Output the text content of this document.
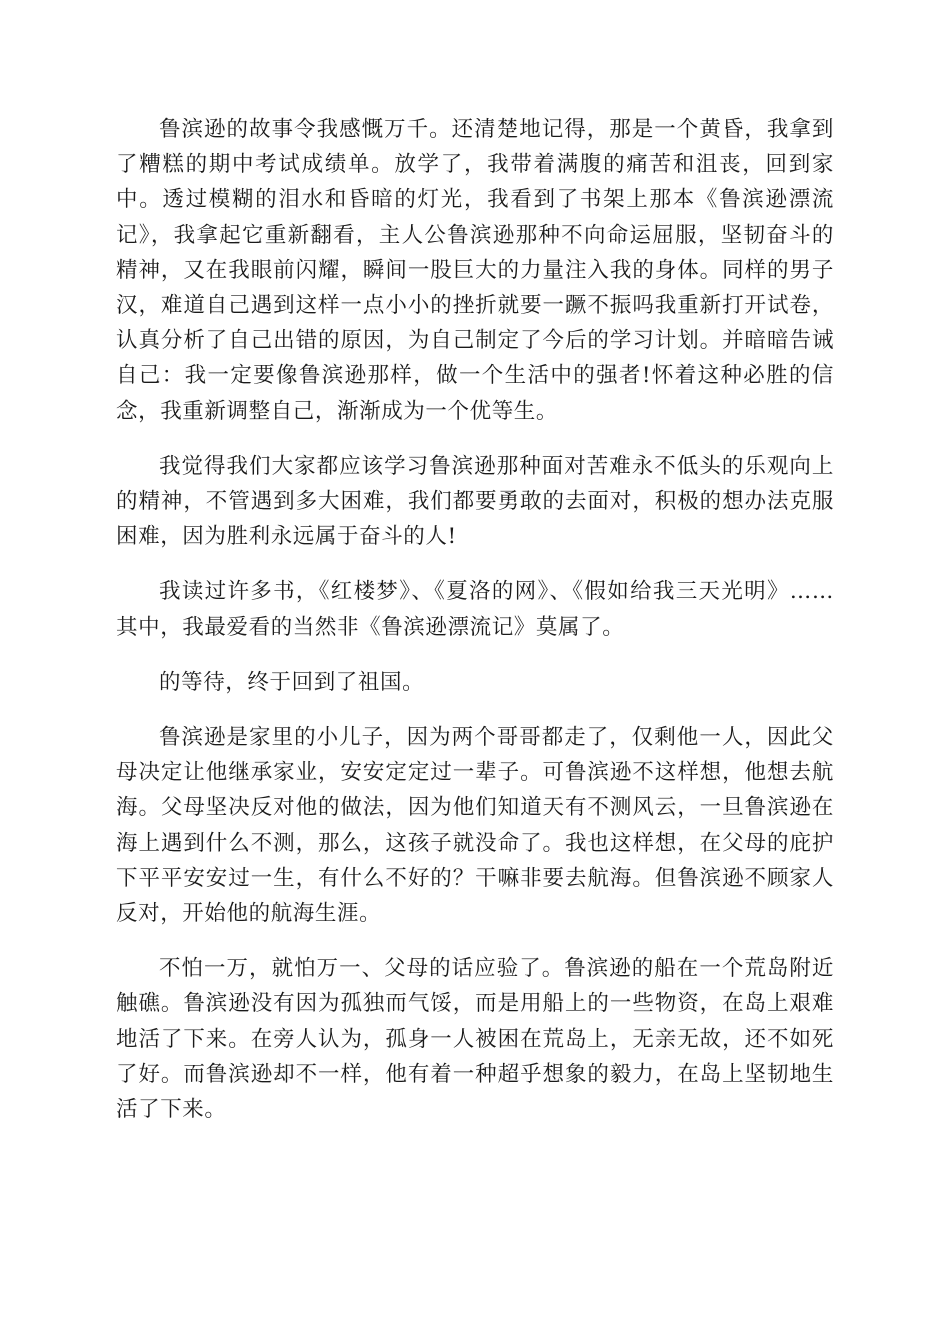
鲁滨逊的故事令我感慨万千。还清楚地记得，那是一个黄昏，我拿到了糟糕的期中考试成绩单。放学了，我带着满腹的痛苦和沮丧，回到家中。透过模糊的泪水和昏暗的灯光，我看到了书架上那本《鲁滨逊漂流记》，我拿起它重新翻看，主人公鲁滨逊那种不向命运屈服，坚韧奋斗的精神，又在我眼前闪耀，瞬间一股巨大的力量注入我的身体。同样的男子汉，难道自己遇到这样一点小小的挫折就要一蹶不振吗我重新打开试卷，认真分析了自己出错的原因，为自己制定了今后的学习计划。并暗暗告诫自己：我一定要像鲁滨逊那样，做一个生活中的强者!怀着这种必胜的信念，我重新调整自己，渐渐成为一个优等生。

我觉得我们大家都应该学习鲁滨逊那种面对苦难永不低头的乐观向上的精神，不管遇到多大困难，我们都要勇敢的去面对，积极的想办法克服困难，因为胜利永远属于奋斗的人!

我读过许多书，《红楼梦》、《夏洛的网》、《假如给我三天光明》……其中，我最爱看的当然非《鲁滨逊漂流记》莫属了。

的等待，终于回到了祖国。

鲁滨逊是家里的小儿子，因为两个哥哥都走了，仅剩他一人，因此父母决定让他继承家业，安安定定过一辈子。可鲁滨逊不这样想，他想去航海。父母坚决反对他的做法，因为他们知道天有不测风云，一旦鲁滨逊在海上遇到什么不测，那么，这孩子就没命了。我也这样想，在父母的庇护下平平安安过一生，有什么不好的？干嘛非要去航海。但鲁滨逊不顾家人反对，开始他的航海生涯。

不怕一万，就怕万一、父母的话应验了。鲁滨逊的船在一个荒岛附近触礁。鲁滨逊没有因为孤独而气馁，而是用船上的一些物资，在岛上艰难地活了下来。在旁人认为，孤身一人被困在荒岛上，无亲无故，还不如死了好。而鲁滨逊却不一样，他有着一种超乎想象的毅力，在岛上坚韧地生活了下来。
